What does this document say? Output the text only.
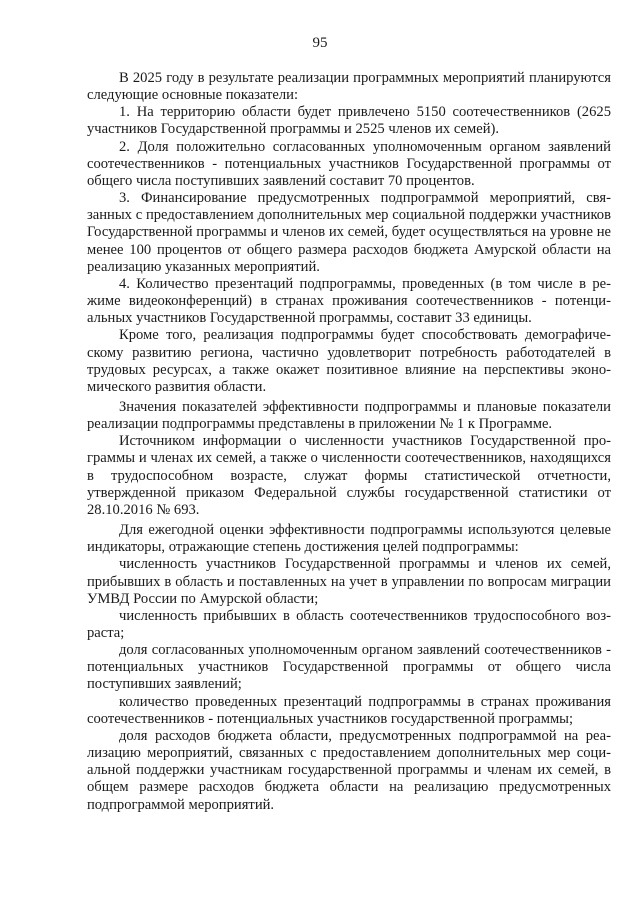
95

В 2025 году в результате реализации программных мероприятий планируются следующие основные показатели:

1. На территорию области будет привлечено 5150 соотечественников (2625 участников Государственной программы и 2525 членов их семей).

2. Доля положительно согласованных уполномоченным органом заявлений соотечественников - потенциальных участников Государственной программы от общего числа поступивших заявлений составит 70 процентов.

3. Финансирование предусмотренных подпрограммой мероприятий, связанных с предоставлением дополнительных мер социальной поддержки участников Государственной программы и членов их семей, будет осуществляться на уровне не менее 100 процентов от общего размера расходов бюджета Амурской области на реализацию указанных мероприятий.

4. Количество презентаций подпрограммы, проведенных (в том числе в режиме видеоконференций) в странах проживания соотечественников - потенциальных участников Государственной программы, составит 33 единицы.

Кроме того, реализация подпрограммы будет способствовать демографическому развитию региона, частично удовлетворит потребность работодателей в трудовых ресурсах, а также окажет позитивное влияние на перспективы экономического развития области.

Значения показателей эффективности подпрограммы и плановые показатели реализации подпрограммы представлены в приложении № 1 к Программе.

Источником информации о численности участников Государственной программы и членах их семей, а также о численности соотечественников, находящихся в трудоспособном возрасте, служат формы статистической отчетности, утвержденной приказом Федеральной службы государственной статистики от 28.10.2016 № 693.

Для ежегодной оценки эффективности подпрограммы используются целевые индикаторы, отражающие степень достижения целей подпрограммы:

численность участников Государственной программы и членов их семей, прибывших в область и поставленных на учет в управлении по вопросам миграции УМВД России по Амурской области;

численность прибывших в область соотечественников трудоспособного возраста;

доля согласованных уполномоченным органом заявлений соотечественников - потенциальных участников Государственной программы от общего числа поступивших заявлений;

количество проведенных презентаций подпрограммы в странах проживания соотечественников - потенциальных участников государственной программы;

доля расходов бюджета области, предусмотренных подпрограммой на реализацию мероприятий, связанных с предоставлением дополнительных мер социальной поддержки участникам государственной программы и членам их семей, в общем размере расходов бюджета области на реализацию предусмотренных подпрограммой мероприятий.
